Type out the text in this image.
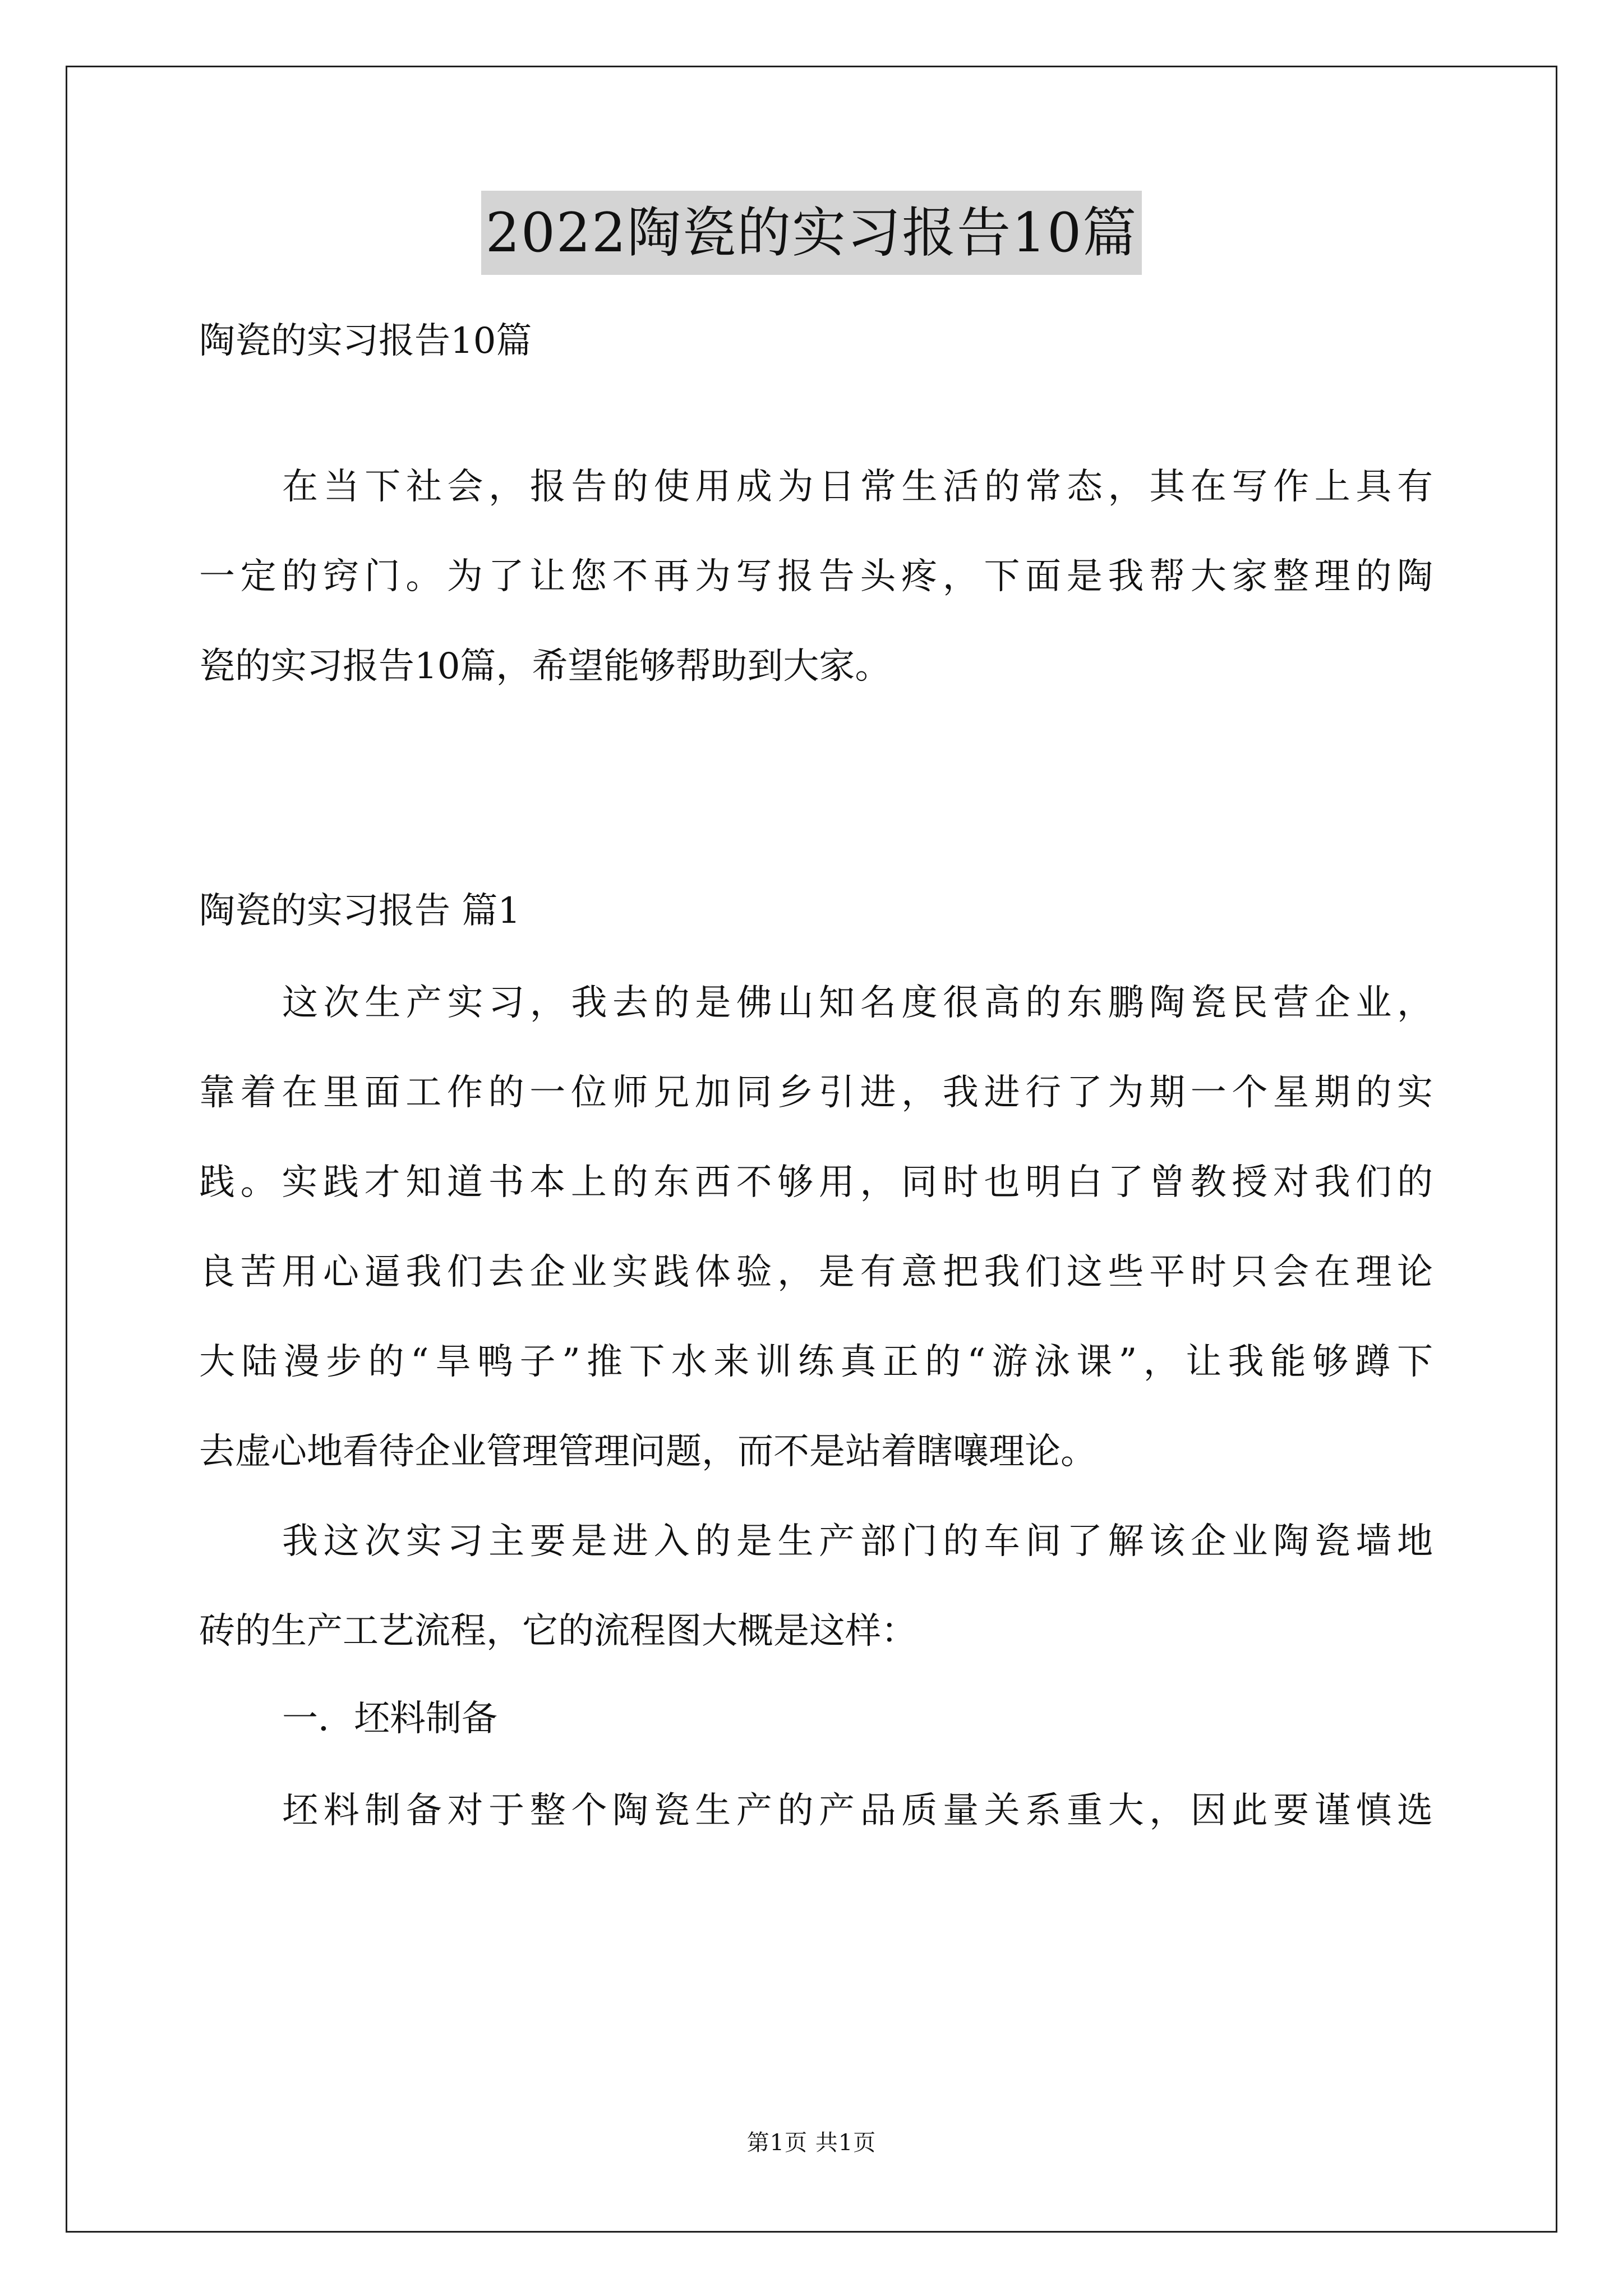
2022陶瓷的实习报告10篇
陶瓷的实习报告10篇
在当下社会，报告的使用成为日常生活的常态，其在写作上具有
一定的窍门。为了让您不再为写报告头疼，下面是我帮大家整理的陶
瓷的实习报告10篇，希望能够帮助到大家。
陶瓷的实习报告 篇1
这次生产实习，我去的是佛山知名度很高的东鹏陶瓷民营企业，
靠着在里面工作的一位师兄加同乡引进，我进行了为期一个星期的实
践。实践才知道书本上的东西不够用，同时也明白了曾教授对我们的
良苦用心逼我们去企业实践体验，是有意把我们这些平时只会在理论
大陆漫步的“旱鸭子”推下水来训练真正的“游泳课”，让我能够蹲下
去虚心地看待企业管理管理问题，而不是站着瞎嚷理论。
我这次实习主要是进入的是生产部门的车间了解该企业陶瓷墙地
砖的生产工艺流程，它的流程图大概是这样：
一．坯料制备
坯料制备对于整个陶瓷生产的产品质量关系重大，因此要谨慎选
第1页 共1页
